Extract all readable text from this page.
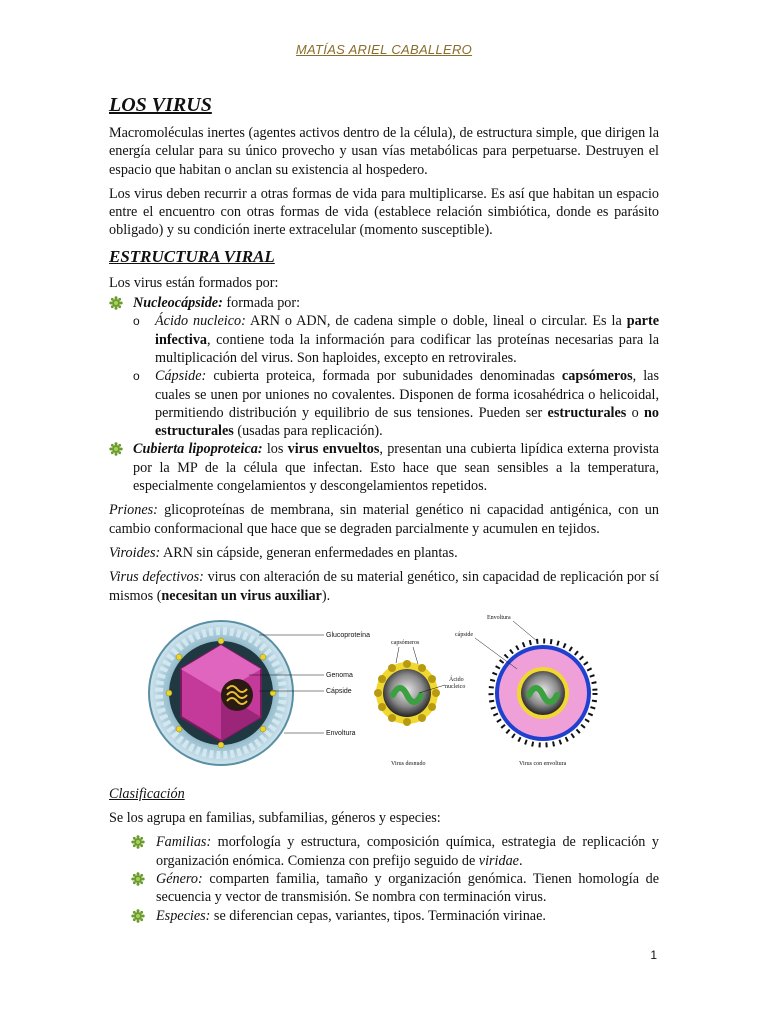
MATÍAS ARIEL CABALLERO
LOS VIRUS

Macromoléculas inertes (agentes activos dentro de la célula), de estructura simple, que dirigen la energía celular para su único provecho y usan vías metabólicas para perpetuarse. Destruyen el espacio que habitan o anclan su existencia al hospedero.

Los virus deben recurrir a otras formas de vida para multiplicarse. Es así que habitan un espacio entre el encuentro con otras formas de vida (establece relación simbiótica, donde es parásito obligado) y su condición inerte extracelular (momento susceptible).

ESTRUCTURA VIRAL

Los virus están formados por:

Nucleocápside: formada por:
o Ácido nucleico: ARN o ADN, de cadena simple o doble, lineal o circular. Es la parte infectiva, contiene toda la información para codificar las proteínas necesarias para la multiplicación del virus. Son haploides, excepto en retrovirales.
o Cápside: cubierta proteica, formada por subunidades denominadas capsómeros, las cuales se unen por uniones no covalentes. Disponen de forma icosahédrica o helicoidal, permitiendo distribución y equilibrio de sus tensiones. Pueden ser estructurales o no estructurales (usadas para replicación).
Cubierta lipoproteica: los virus envueltos, presentan una cubierta lipídica externa provista por la MP de la célula que infectan. Esto hace que sean sensibles a la temperatura, especialmente congelamientos y descongelamientos repetidos.

Priones: glicoproteínas de membrana, sin material genético ni capacidad antigénica, con un cambio conformacional que hace que se degraden parcialmente y acumulen en tejidos.

Viroides: ARN sin cápside, generan enfermedades en plantas.

Virus defectivos: virus con alteración de su material genético, sin capacidad de replicación por sí mismos (necesitan un virus auxiliar).

Glucoproteína
Genoma
Cápside
Envoltura
capsómeros
Ácido
nucleico
Virus desnudo
Envoltura
cápside
Virus con envoltura
Clasificación

Se los agrupa en familias, subfamilias, géneros y especies:

Familias: morfología y estructura, composición química, estrategia de replicación y organización enómica. Comienza con prefijo seguido de viridae.
Género: comparten familia, tamaño y organización genómica. Tienen homología de secuencia y vector de transmisión. Se nombra con terminación virus.
Especies: se diferencian cepas, variantes, tipos. Terminación virinae.
1
